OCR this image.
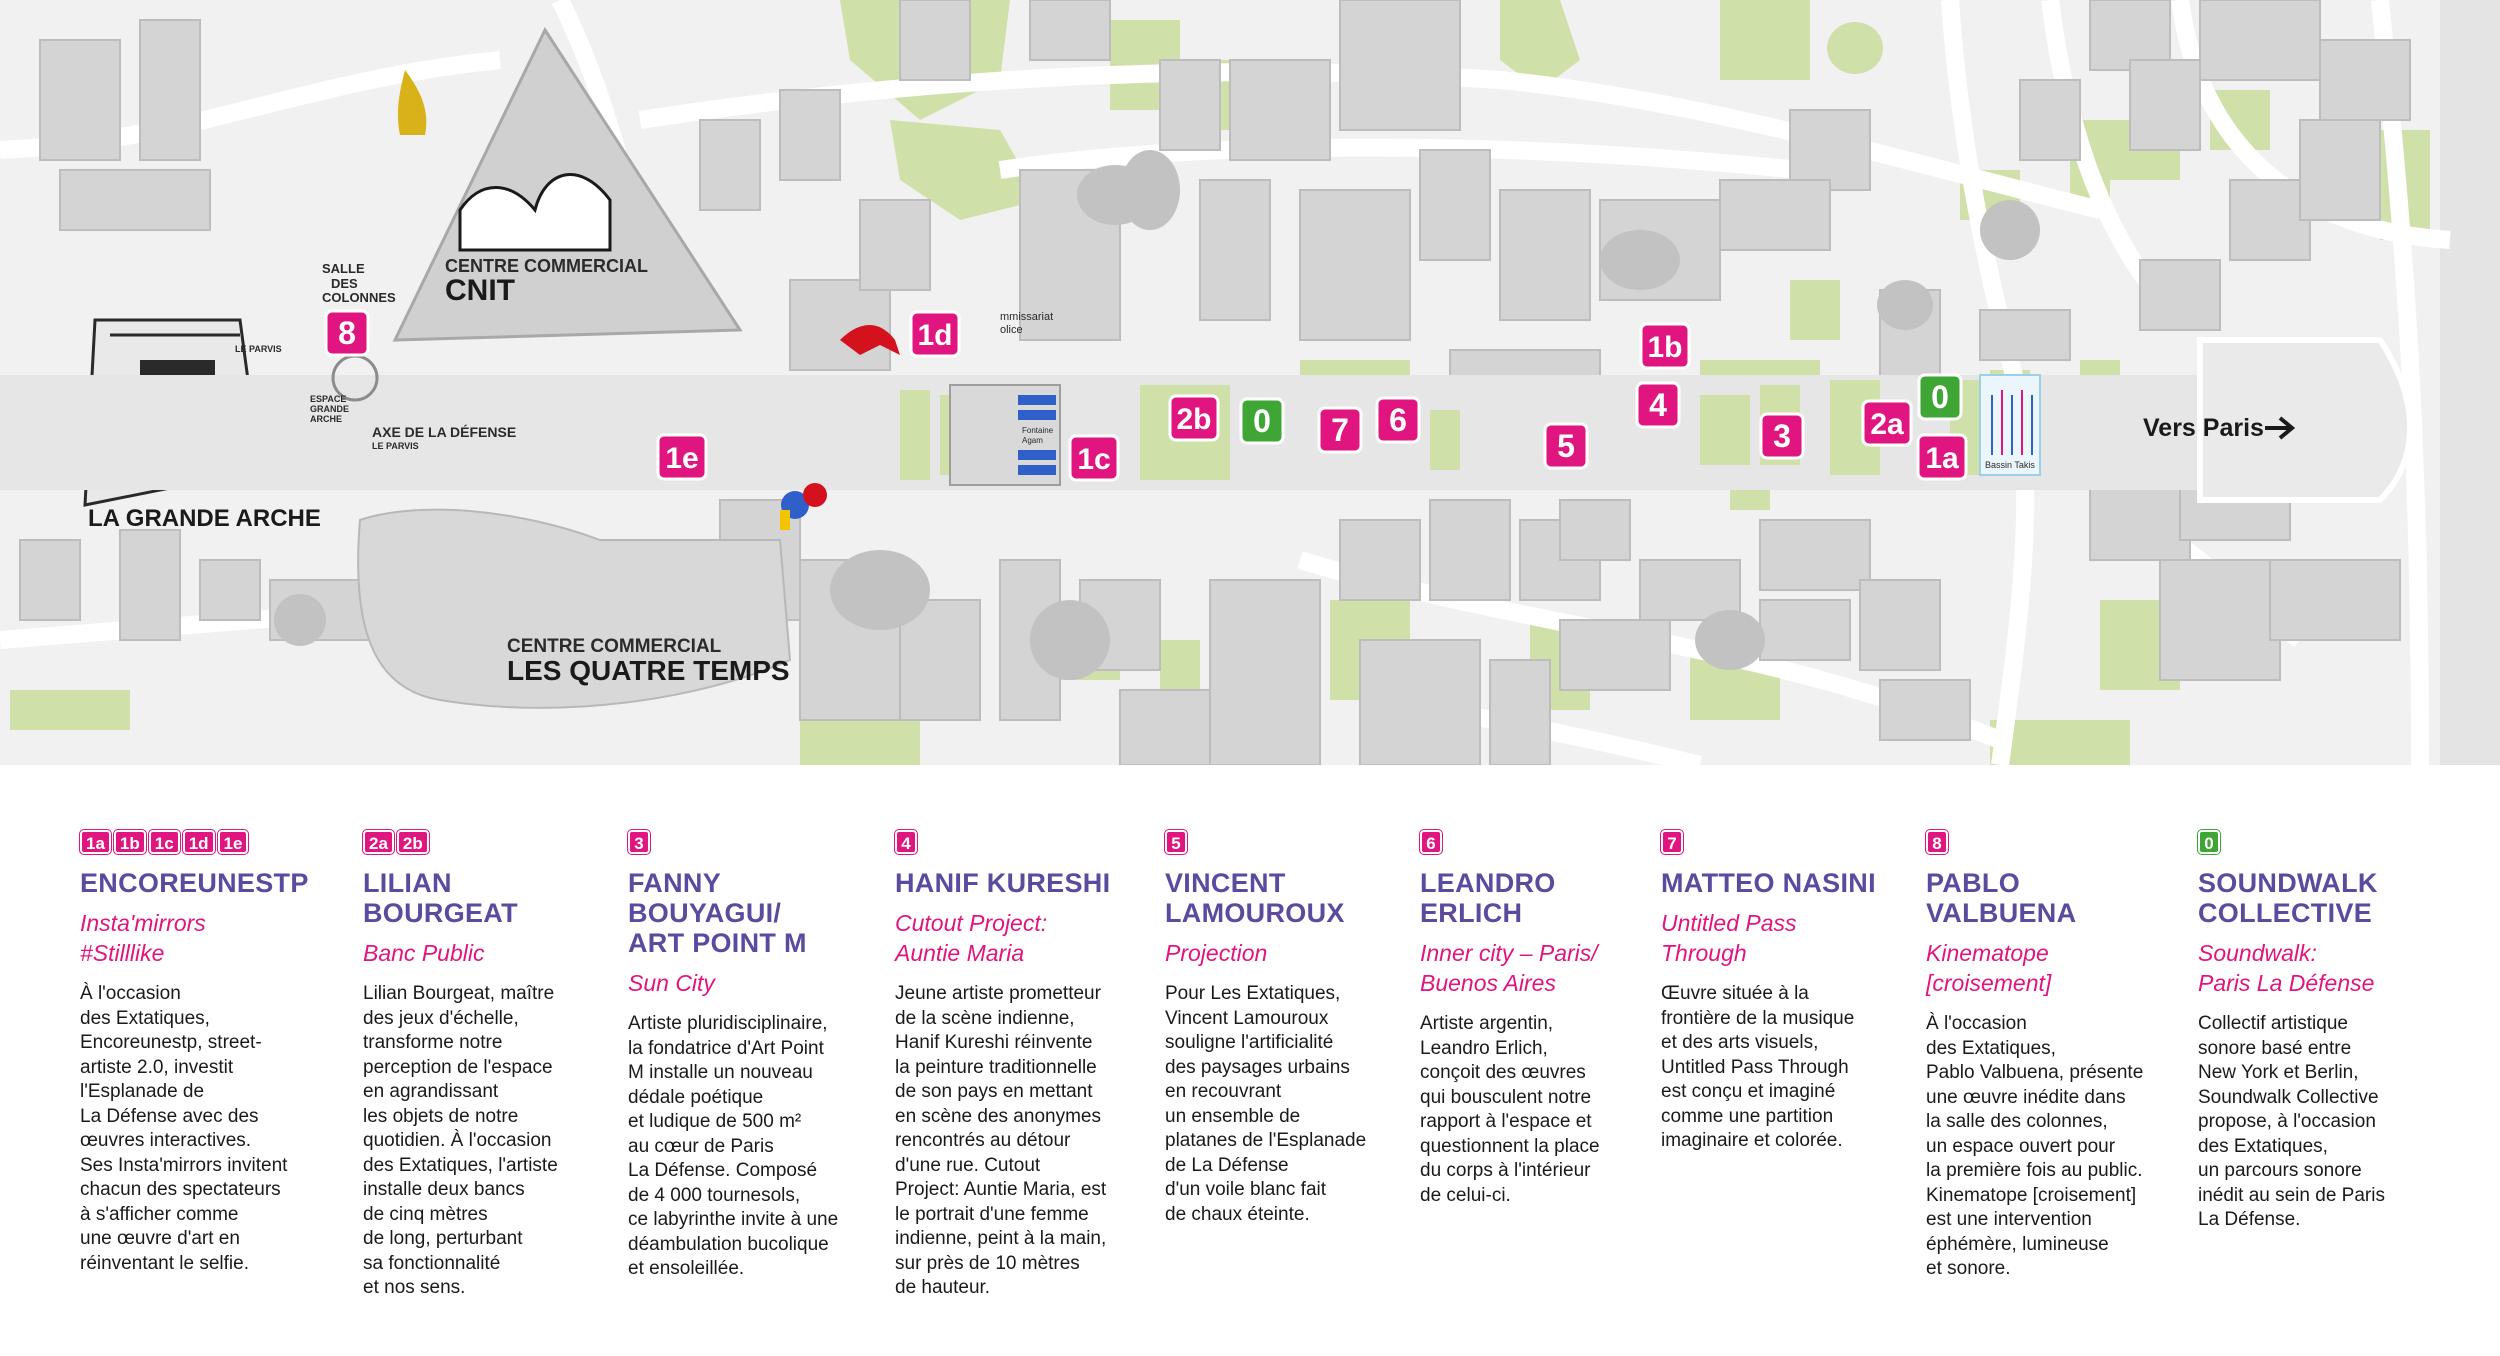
Vers Paris
LA GRANDE ARCHE
CENTRE COMMERCIAL
CNIT
CENTRE COMMERCIAL
LES QUATRE TEMPS
SALLE
DES
COLONNES
AXE DE LA DÉFENSE
LE PARVIS
LE PARVIS
ESPACE
GRANDE
ARCHE
mmissariat
olice
Fontaine
Agam
Bassin Takis
8	1d
1e	1c
2b 0 7 6
5
1b
4
3	2a
0
1a
1a 1b 1c 1d 1e
ENCOREUNESTP
Insta'mirrors
#Stilllike

À l'occasion
des Extatiques, Encoreunestp, street-
artiste 2.0, investit
l'Esplanade de
La Défense avec des
œuvres interactives.
Ses Insta'mirrors invitent
chacun des spectateurs
à s'afficher comme
une œuvre d'art en
réinventant le selfie.

2a 2b
LILIAN
BOURGEAT
Banc Public

Lilian Bourgeat, maître
des jeux d'échelle,
transforme notre
perception de l'espace
en agrandissant
les objets de notre
quotidien. À l'occasion
des Extatiques, l'artiste
installe deux bancs
de cinq mètres
de long, perturbant
sa fonctionnalité
et nos sens.

3
FANNY
BOUYAGUI/
ART POINT M
Sun City

Artiste pluridisciplinaire,
la fondatrice d'Art Point
M installe un nouveau
dédale poétique
et ludique de 500 m²
au cœur de Paris
La Défense. Composé
de 4 000 tournesols,
ce labyrinthe invite à une
déambulation bucolique
et ensoleillée.

4
HANIF KURESHI
Cutout Project:
Auntie Maria

Jeune artiste prometteur
de la scène indienne,
Hanif Kureshi réinvente
la peinture traditionnelle
de son pays en mettant
en scène des anonymes
rencontrés au détour
d'une rue. Cutout
Project: Auntie Maria, est
le portrait d'une femme
indienne, peint à la main,
sur près de 10 mètres
de hauteur.

5
VINCENT
LAMOUROUX
Projection

Pour Les Extatiques,
Vincent Lamouroux
souligne l'artificialité
des paysages urbains
en recouvrant
un ensemble de
platanes de l'Esplanade
de La Défense
d'un voile blanc fait
de chaux éteinte.

6
LEANDRO
ERLICH
Inner city – Paris/
Buenos Aires

Artiste argentin,
Leandro Erlich,
conçoit des œuvres
qui bousculent notre
rapport à l'espace et
questionnent la place
du corps à l'intérieur
de celui-ci.

7
MATTEO NASINI
Untitled Pass
Through

Œuvre située à la
frontière de la musique
et des arts visuels,
Untitled Pass Through
est conçu et imaginé
comme une partition
imaginaire et colorée.

8
PABLO
VALBUENA
Kinematope
[croisement]

À l'occasion
des Extatiques,
Pablo Valbuena, présente
une œuvre inédite dans
la salle des colonnes,
un espace ouvert pour
la première fois au public.
Kinematope [croisement]
est une intervention
éphémère, lumineuse
et sonore.

0
SOUNDWALK
COLLECTIVE
Soundwalk:
Paris La Défense

Collectif artistique
sonore basé entre
New York et Berlin,
Soundwalk Collective
propose, à l'occasion
des Extatiques,
un parcours sonore
inédit au sein de Paris
La Défense.
